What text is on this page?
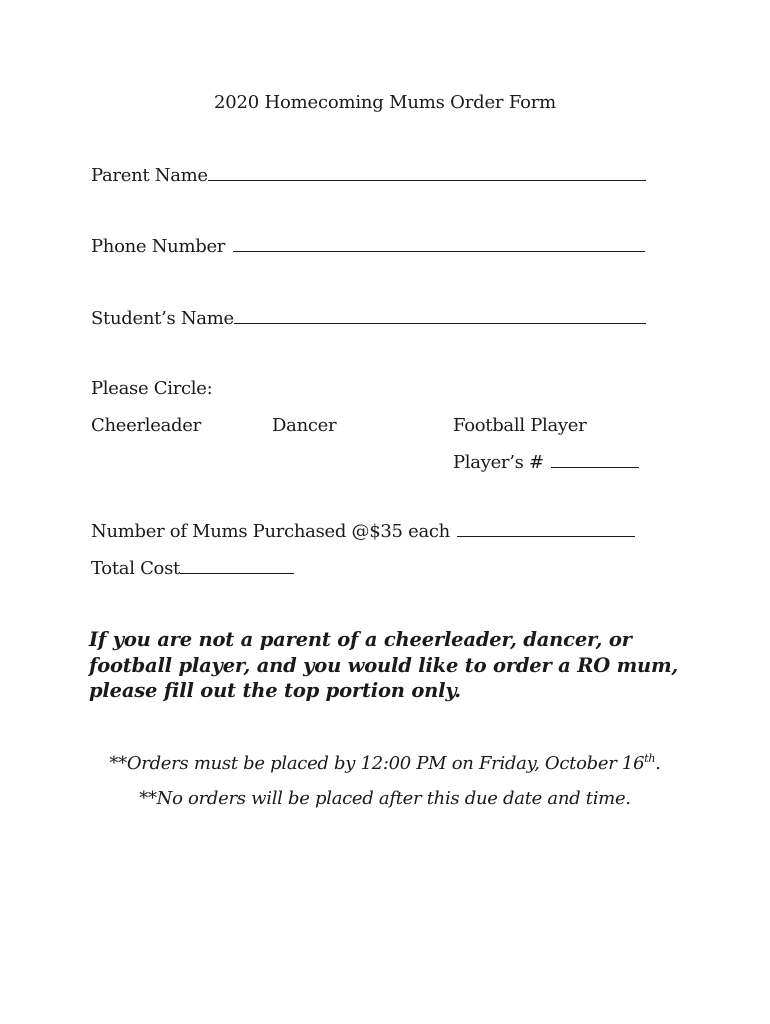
2020 Homecoming Mums Order Form
Parent Name
Phone Number
Student’s Name
Please Circle:
Cheerleader	Dancer	Football Player
Player’s #
Number of Mums Purchased @$35 each
Total Cost
If you are not a parent of a cheerleader, dancer, or football player, and you would like to order a RO mum, please fill out the top portion only.
**Orders must be placed by 12:00 PM on Friday, October 16th.
**No orders will be placed after this due date and time.
